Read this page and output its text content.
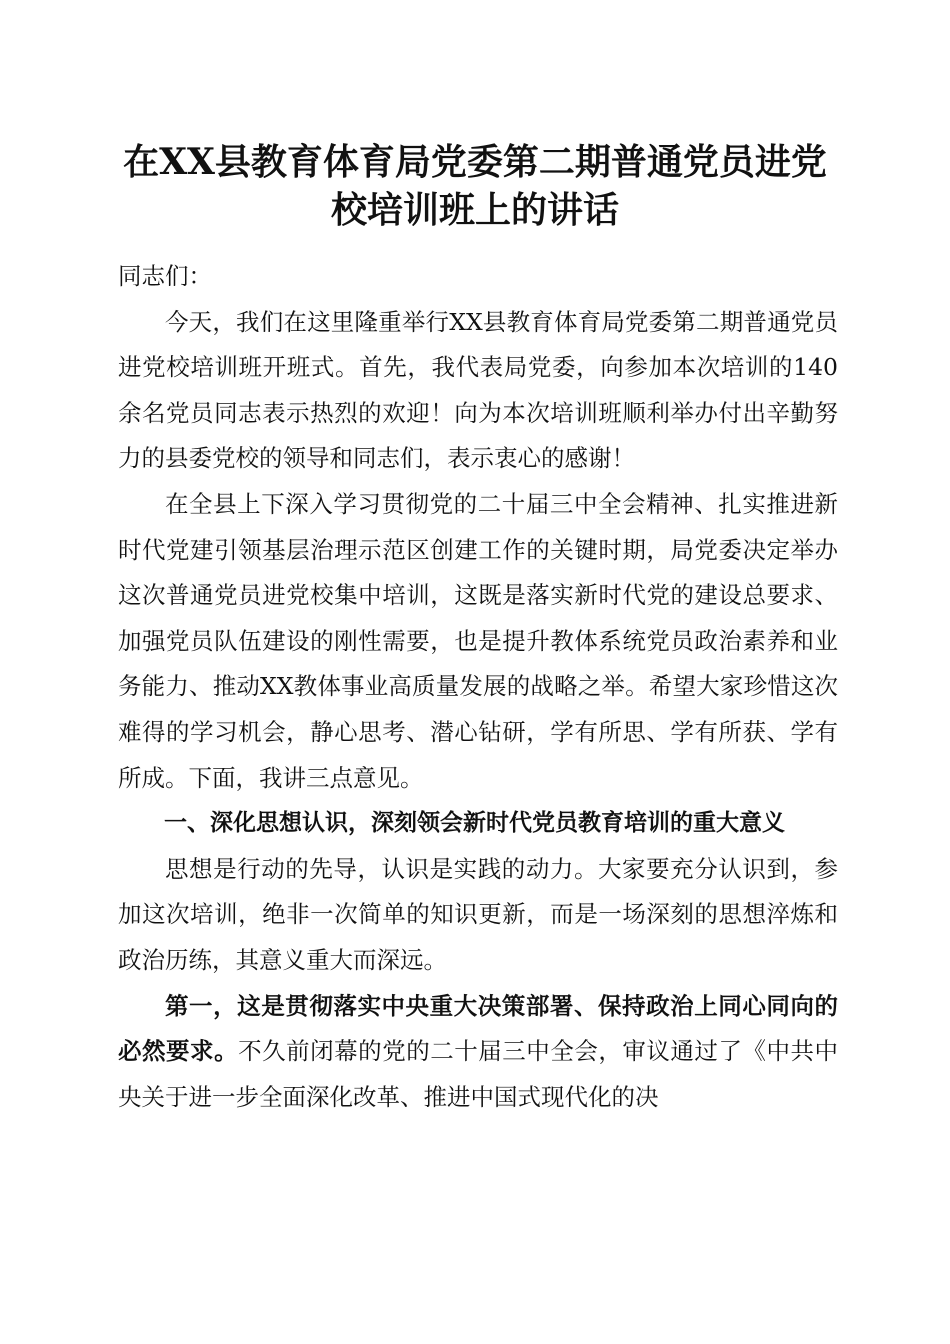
在XX县教育体育局党委第二期普通党员进党
校培训班上的讲话

同志们：

今天，我们在这里隆重举行XX县教育体育局党委第二期普通党员进党校培训班开班式。首先，我代表局党委，向参加本次培训的140余名党员同志表示热烈的欢迎！向为本次培训班顺利举办付出辛勤努力的县委党校的领导和同志们，表示衷心的感谢！

在全县上下深入学习贯彻党的二十届三中全会精神、扎实推进新时代党建引领基层治理示范区创建工作的关键时期，局党委决定举办这次普通党员进党校集中培训，这既是落实新时代党的建设总要求、加强党员队伍建设的刚性需要，也是提升教体系统党员政治素养和业务能力、推动XX教体事业高质量发展的战略之举。希望大家珍惜这次难得的学习机会，静心思考、潜心钻研，学有所思、学有所获、学有所成。下面，我讲三点意见。

一、深化思想认识，深刻领会新时代党员教育培训的重大意义

思想是行动的先导，认识是实践的动力。大家要充分认识到，参加这次培训，绝非一次简单的知识更新，而是一场深刻的思想淬炼和政治历练，其意义重大而深远。

第一，这是贯彻落实中央重大决策部署、保持政治上同心同向的必然要求。不久前闭幕的党的二十届三中全会，审议通过了《中共中央关于进一步全面深化改革、推进中国式现代化的决
